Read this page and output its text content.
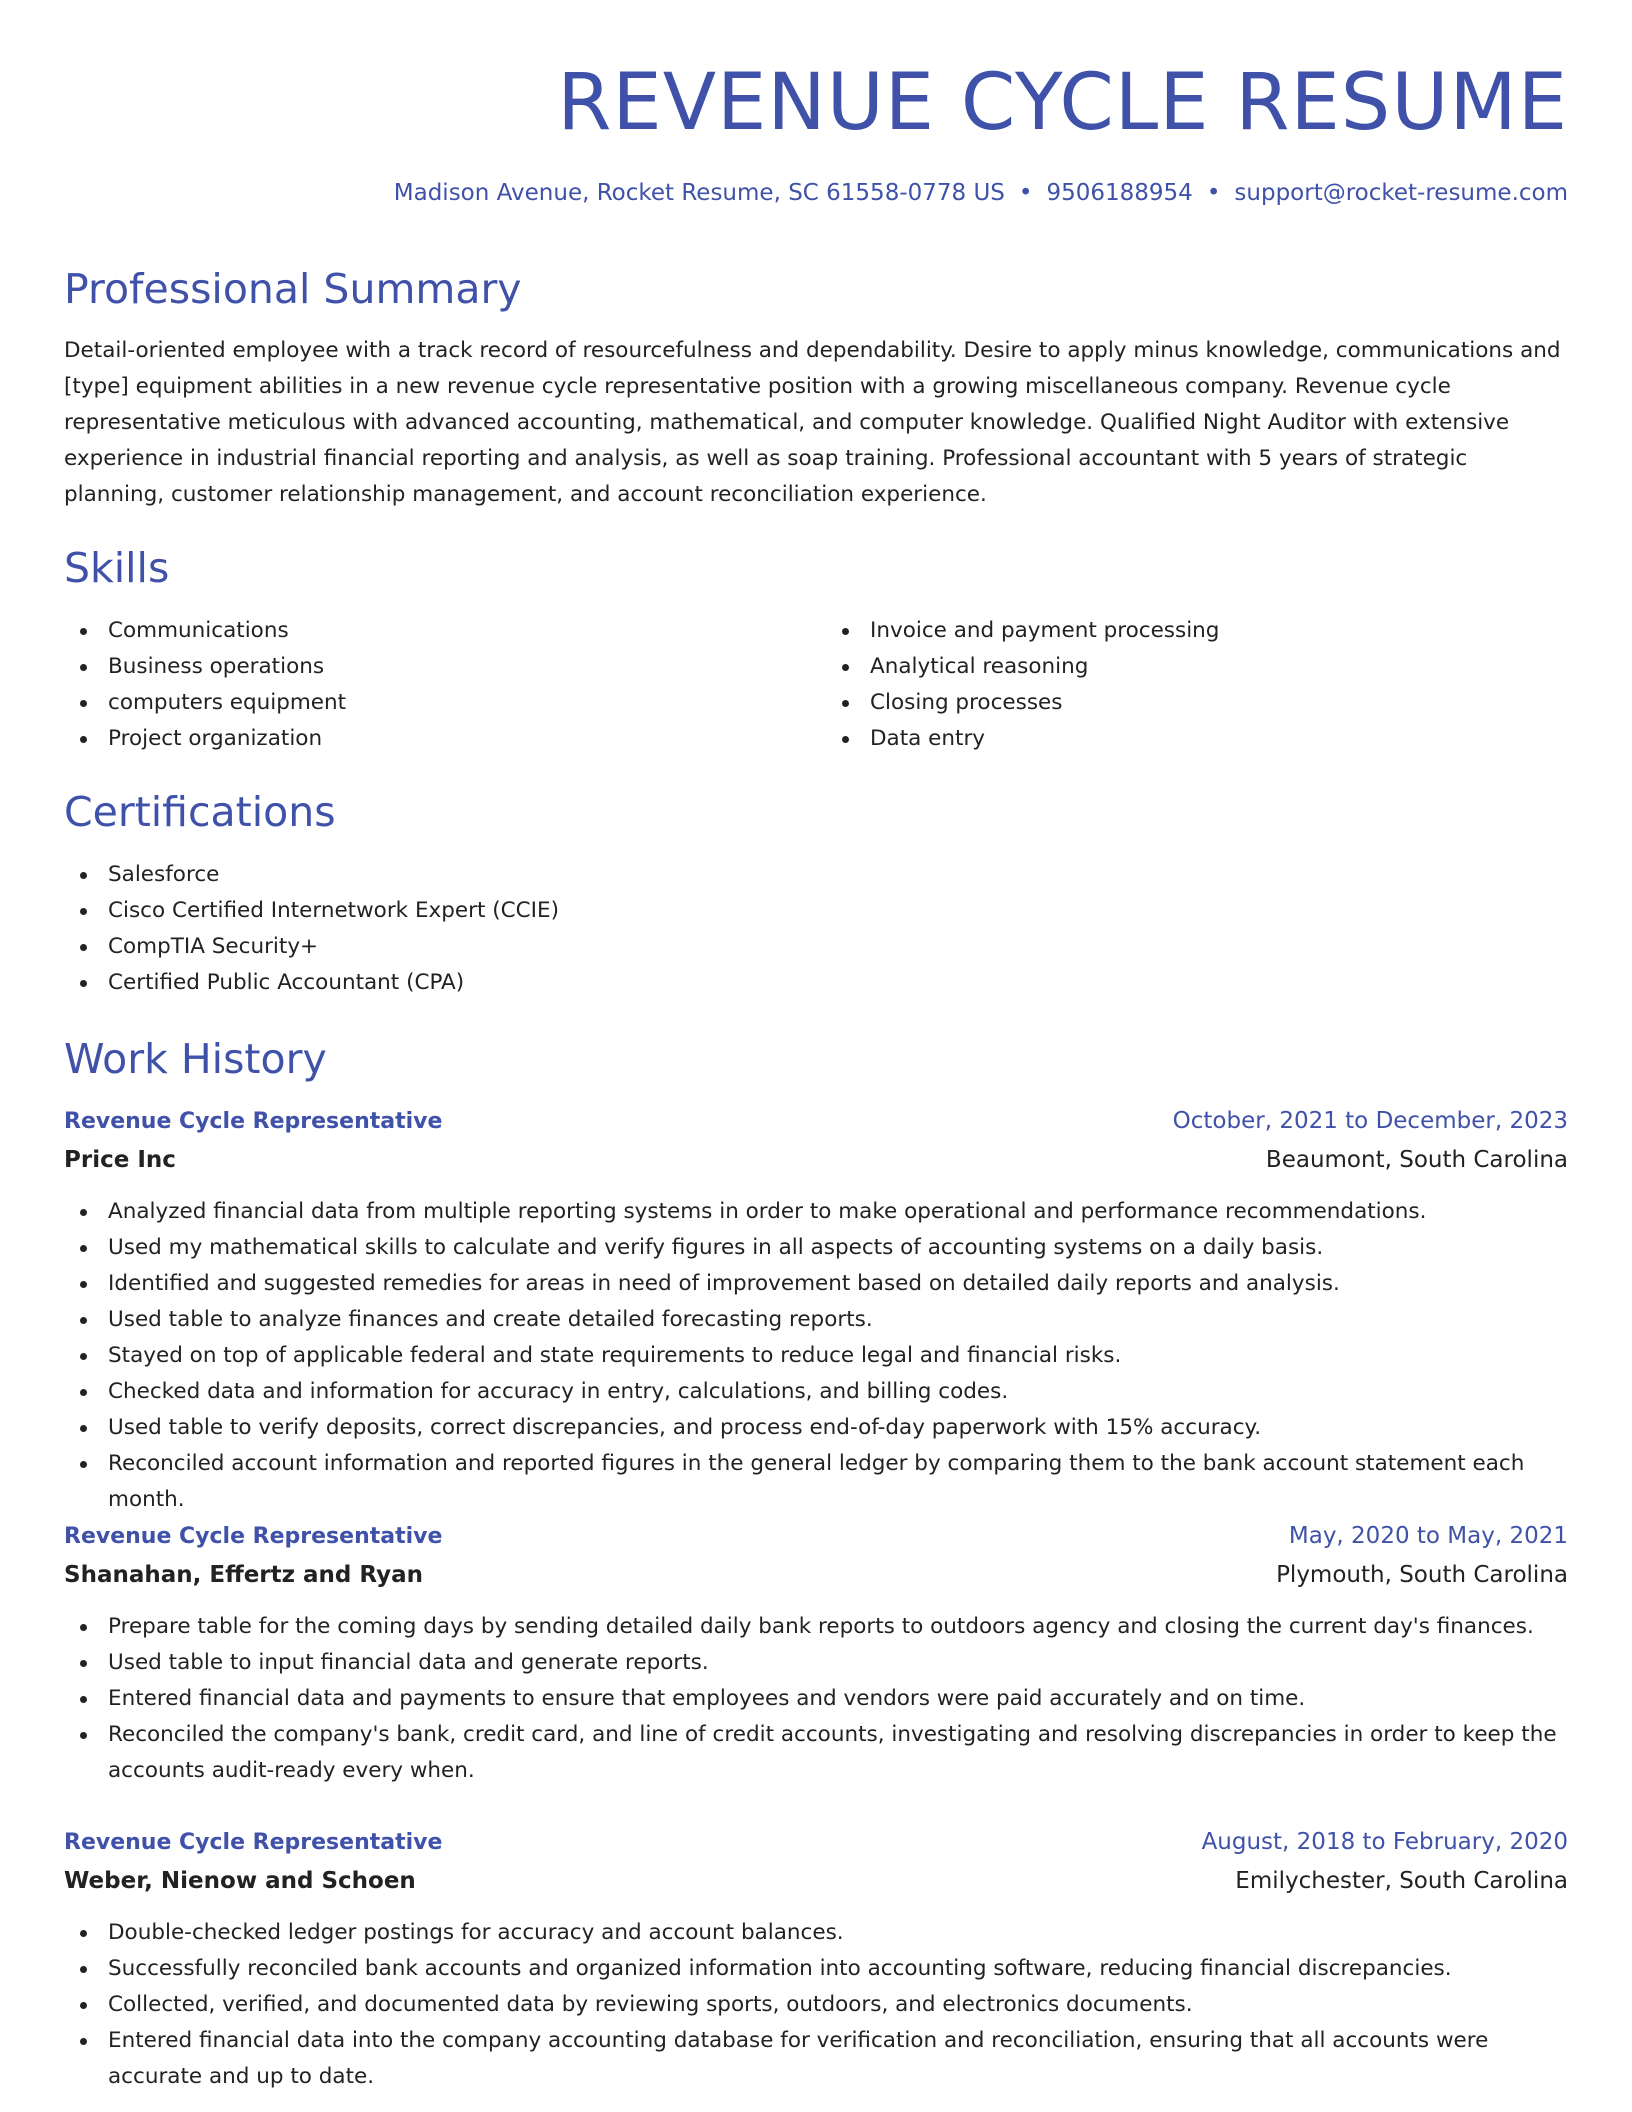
REVENUE CYCLE RESUME
Madison Avenue, Rocket Resume, SC 61558-0778 US • 9506188954 • support@rocket-resume.com
Professional Summary

Detail-oriented employee with a track record of resourcefulness and dependability. Desire to apply minus knowledge, communications and [type] equipment abilities in a new revenue cycle representative position with a growing miscellaneous company. Revenue cycle representative meticulous with advanced accounting, mathematical, and computer knowledge. Qualified Night Auditor with extensive experience in industrial financial reporting and analysis, as well as soap training. Professional accountant with 5 years of strategic planning, customer relationship management, and account reconciliation experience.

Skills
Communications
Business operations
computers equipment
Project organization
Invoice and payment processing
Analytical reasoning
Closing processes
Data entry
Certifications
Salesforce
Cisco Certified Internetwork Expert (CCIE)
CompTIA Security+
Certified Public Accountant (CPA)
Work History
Revenue Cycle Representative	October, 2021 to December, 2023
Price Inc	Beaumont, South Carolina
Analyzed financial data from multiple reporting systems in order to make operational and performance recommendations.
Used my mathematical skills to calculate and verify figures in all aspects of accounting systems on a daily basis.
Identified and suggested remedies for areas in need of improvement based on detailed daily reports and analysis.
Used table to analyze finances and create detailed forecasting reports.
Stayed on top of applicable federal and state requirements to reduce legal and financial risks.
Checked data and information for accuracy in entry, calculations, and billing codes.
Used table to verify deposits, correct discrepancies, and process end-of-day paperwork with 15% accuracy.
Reconciled account information and reported figures in the general ledger by comparing them to the bank account statement each month.
Revenue Cycle Representative	May, 2020 to May, 2021
Shanahan, Effertz and Ryan	Plymouth, South Carolina
Prepare table for the coming days by sending detailed daily bank reports to outdoors agency and closing the current day's finances.
Used table to input financial data and generate reports.
Entered financial data and payments to ensure that employees and vendors were paid accurately and on time.
Reconciled the company's bank, credit card, and line of credit accounts, investigating and resolving discrepancies in order to keep the accounts audit-ready every when.
Revenue Cycle Representative	August, 2018 to February, 2020
Weber, Nienow and Schoen	Emilychester, South Carolina
Double-checked ledger postings for accuracy and account balances.
Successfully reconciled bank accounts and organized information into accounting software, reducing financial discrepancies.
Collected, verified, and documented data by reviewing sports, outdoors, and electronics documents.
Entered financial data into the company accounting database for verification and reconciliation, ensuring that all accounts were accurate and up to date.
